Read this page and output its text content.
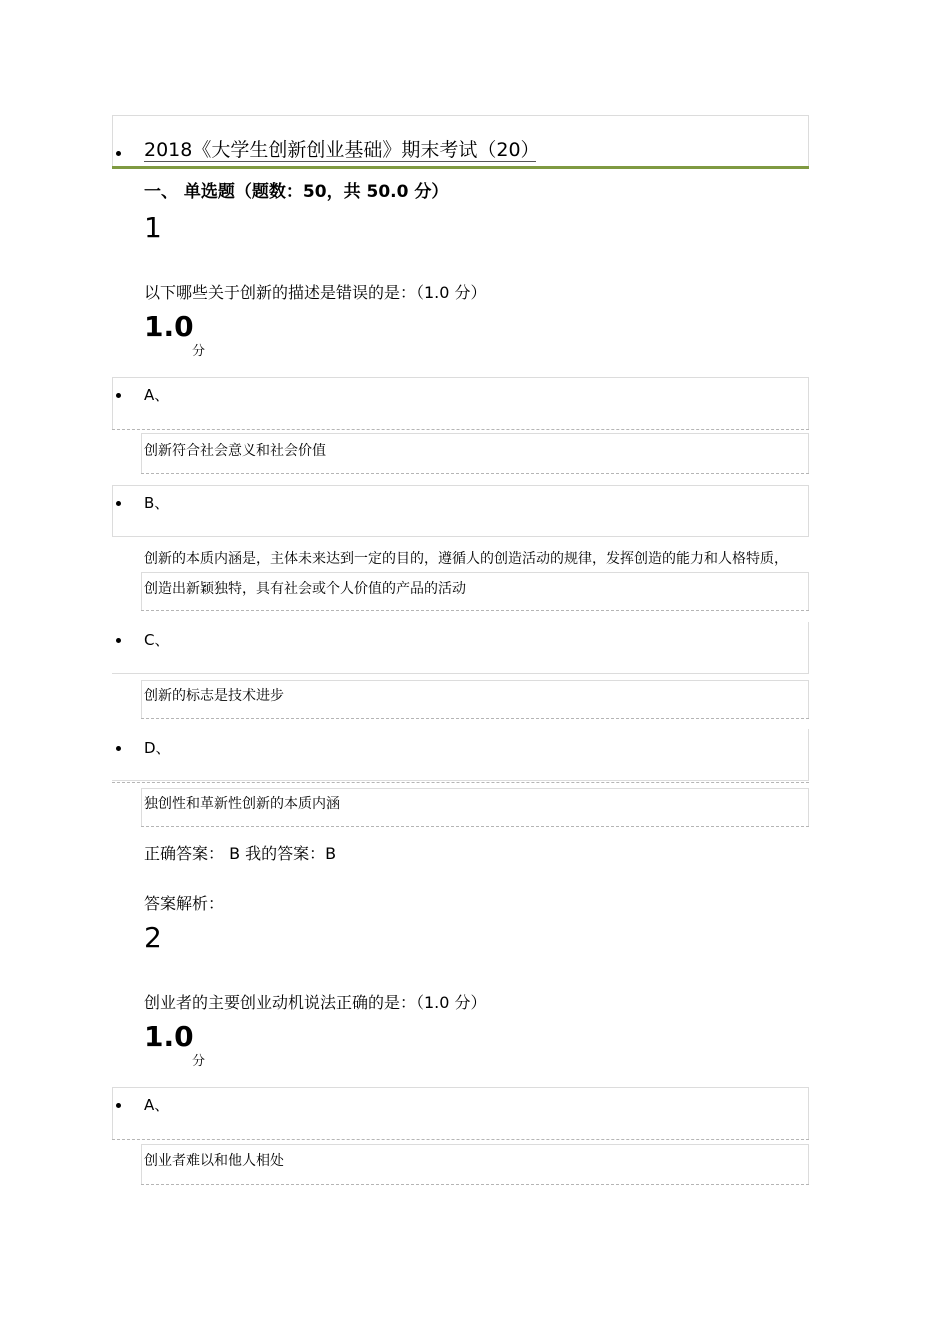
2018《大学生创新创业基础》期末考试（20）
一、 单选题（题数：50，共 50.0 分）
1
以下哪些关于创新的描述是错误的是：（1.0 分）
1.0
分
A、
创新符合社会意义和社会价值
B、
创新的本质内涵是，主体未来达到一定的目的，遵循人的创造活动的规律，发挥创造的能力和人格特质，
创造出新颖独特，具有社会或个人价值的产品的活动
C、
创新的标志是技术进步
D、
独创性和革新性创新的本质内涵
正确答案： B 我的答案：B
答案解析：
2
创业者的主要创业动机说法正确的是：（1.0 分）
1.0
分
A、
创业者难以和他人相处
